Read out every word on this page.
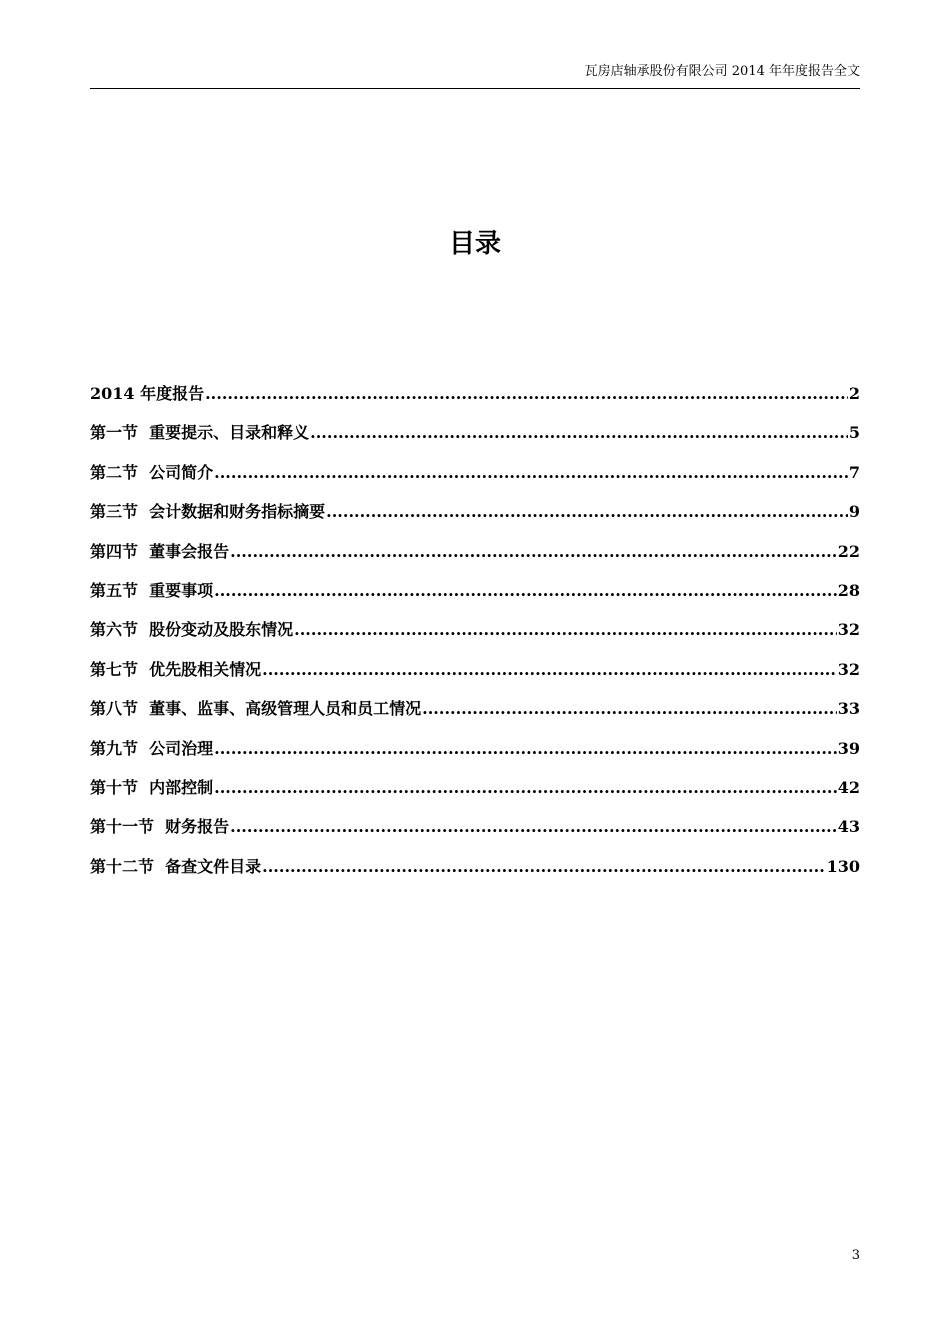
瓦房店轴承股份有限公司 2014 年年度报告全文
目录
2014 年度报告 .....	2
第一节  重要提示、目录和释义 .....	5
第二节  公司简介 .....	7
第三节  会计数据和财务指标摘要 .....	9
第四节  董事会报告 .....	22
第五节  重要事项 .....	28
第六节  股份变动及股东情况 .....	32
第七节  优先股相关情况 .....	32
第八节  董事、监事、高级管理人员和员工情况 .....	33
第九节  公司治理 .....	39
第十节  内部控制 .....	42
第十一节  财务报告 .....	43
第十二节  备查文件目录 .....	130
3
